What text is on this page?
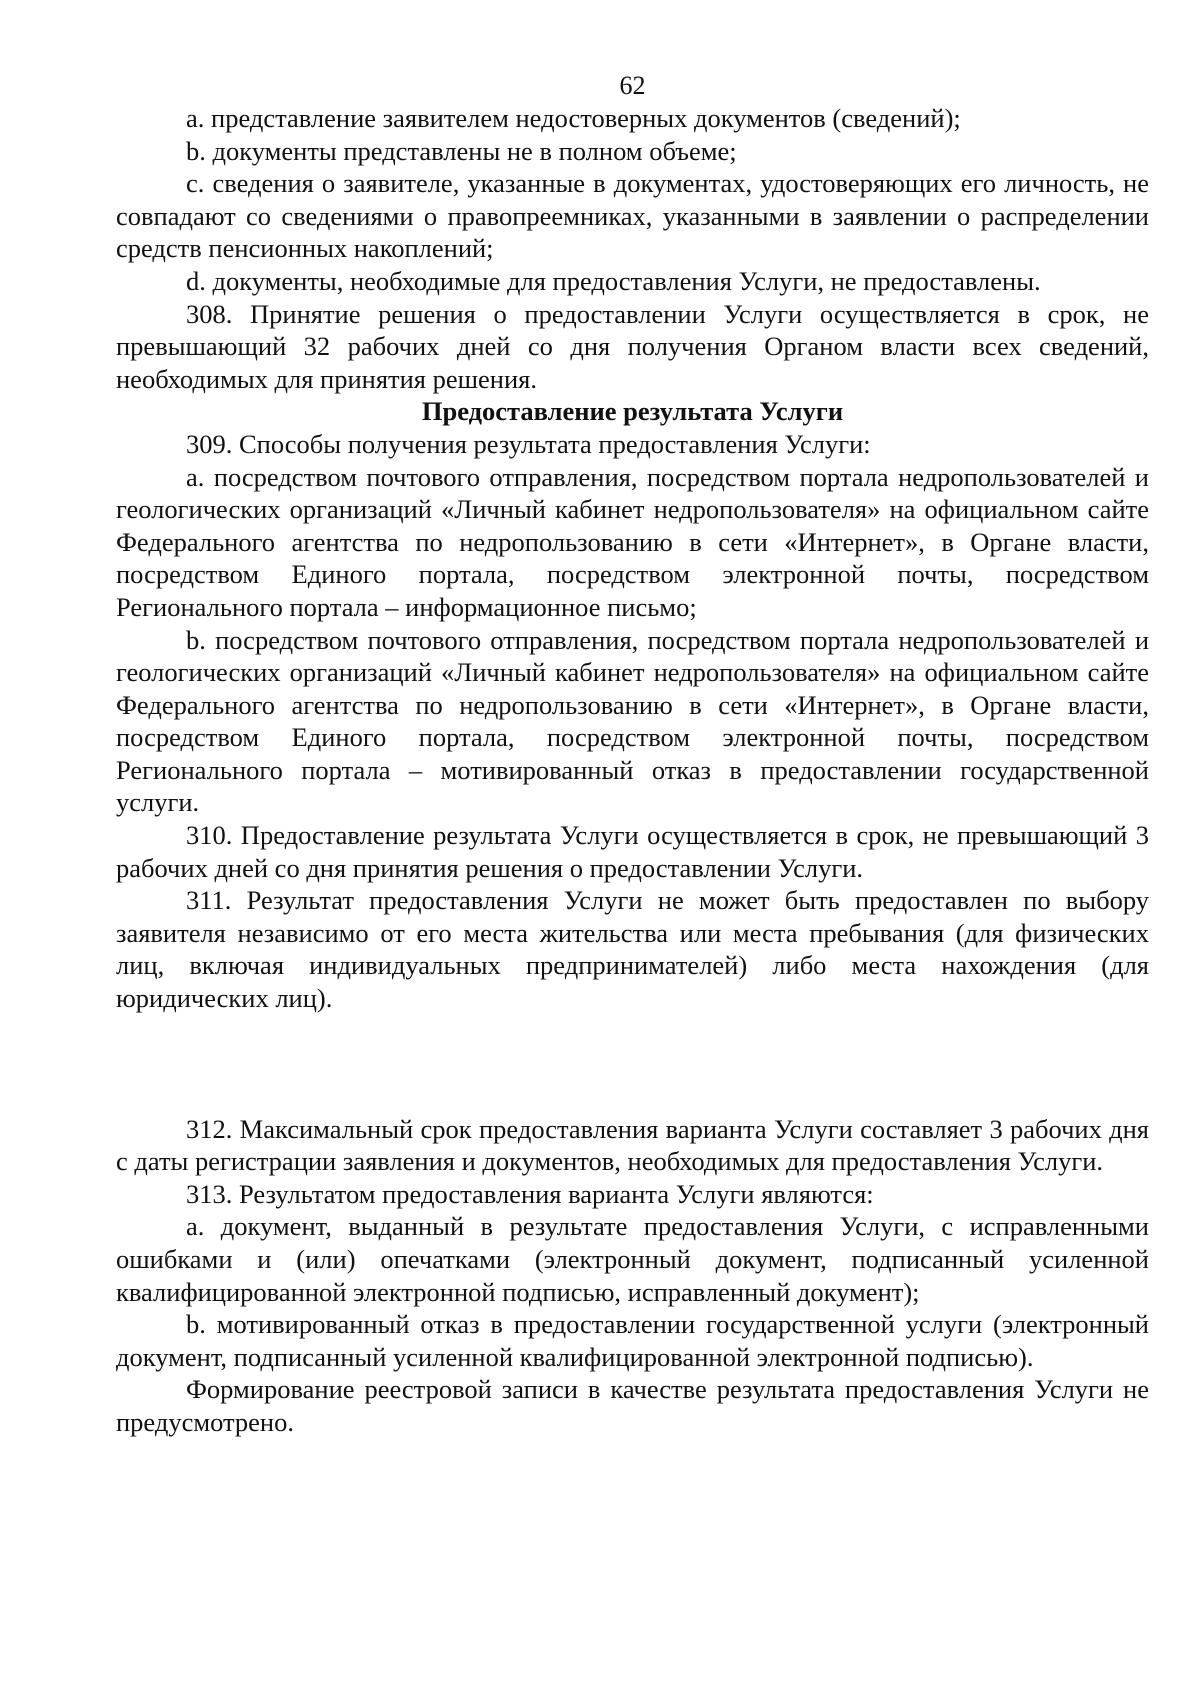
62

a. представление заявителем недостоверных документов (сведений);

b. документы представлены не в полном объеме;

c. сведения о заявителе, указанные в документах, удостоверяющих его личность, не совпадают со сведениями о правопреемниках, указанными в заявлении о распределении средств пенсионных накоплений;

d. документы, необходимые для предоставления Услуги, не предоставлены.

308. Принятие решения о предоставлении Услуги осуществляется в срок, не превышающий 32 рабочих дней со дня получения Органом власти всех сведений, необходимых для принятия решения.

Предоставление результата Услуги

309. Способы получения результата предоставления Услуги:

a. посредством почтового отправления, посредством портала недропользователей и геологических организаций «Личный кабинет недропользователя» на официальном сайте Федерального агентства по недропользованию в сети «Интернет», в Органе власти, посредством Единого портала, посредством электронной почты, посредством Регионального портала – информационное письмо;

b. посредством почтового отправления, посредством портала недропользователей и геологических организаций «Личный кабинет недропользователя» на официальном сайте Федерального агентства по недропользованию в сети «Интернет», в Органе власти, посредством Единого портала, посредством электронной почты, посредством Регионального портала – мотивированный отказ в предоставлении государственной услуги.

310. Предоставление результата Услуги осуществляется в срок, не превышающий 3 рабочих дней со дня принятия решения о предоставлении Услуги.

311. Результат предоставления Услуги не может быть предоставлен по выбору заявителя независимо от его места жительства или места пребывания (для физических лиц, включая индивидуальных предпринимателей) либо места нахождения (для юридических лиц).

312. Максимальный срок предоставления варианта Услуги составляет 3 рабочих дня с даты регистрации заявления и документов, необходимых для предоставления Услуги.

313. Результатом предоставления варианта Услуги являются:

a. документ, выданный в результате предоставления Услуги, с исправленными ошибками и (или) опечатками (электронный документ, подписанный усиленной квалифицированной электронной подписью, исправленный документ);

b. мотивированный отказ в предоставлении государственной услуги (электронный документ, подписанный усиленной квалифицированной электронной подписью).

Формирование реестровой записи в качестве результата предоставления Услуги не предусмотрено.
